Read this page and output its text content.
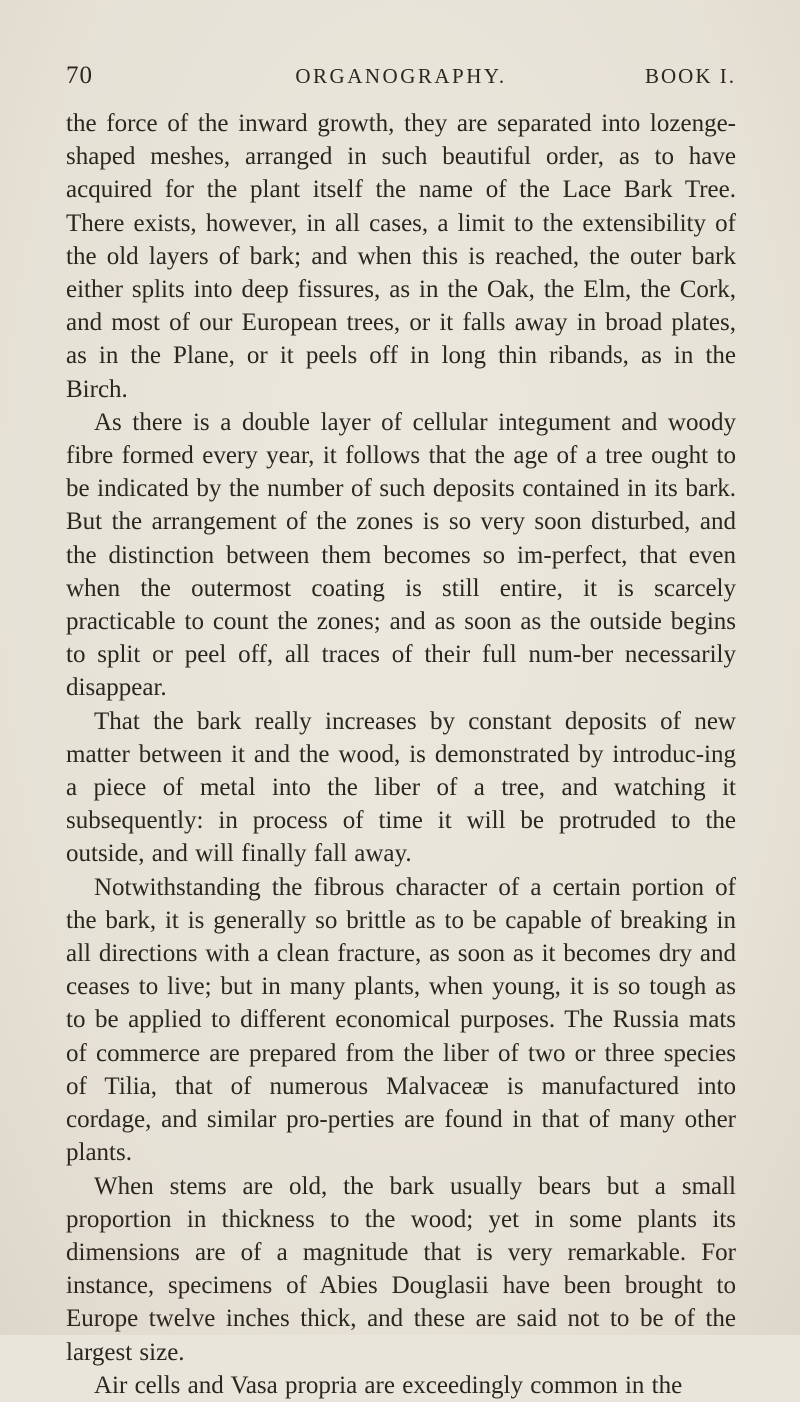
70	ORGANOGRAPHY.	BOOK I.

the force of the inward growth, they are separated into lozenge-shaped meshes, arranged in such beautiful order, as to have acquired for the plant itself the name of the Lace Bark Tree. There exists, however, in all cases, a limit to the extensibility of the old layers of bark; and when this is reached, the outer bark either splits into deep fissures, as in the Oak, the Elm, the Cork, and most of our European trees, or it falls away in broad plates, as in the Plane, or it peels off in long thin ribands, as in the Birch.

As there is a double layer of cellular integument and woody fibre formed every year, it follows that the age of a tree ought to be indicated by the number of such deposits contained in its bark. But the arrangement of the zones is so very soon disturbed, and the distinction between them becomes so im-perfect, that even when the outermost coating is still entire, it is scarcely practicable to count the zones; and as soon as the outside begins to split or peel off, all traces of their full num-ber necessarily disappear.

That the bark really increases by constant deposits of new matter between it and the wood, is demonstrated by introduc-ing a piece of metal into the liber of a tree, and watching it subsequently: in process of time it will be protruded to the outside, and will finally fall away.

Notwithstanding the fibrous character of a certain portion of the bark, it is generally so brittle as to be capable of breaking in all directions with a clean fracture, as soon as it becomes dry and ceases to live; but in many plants, when young, it is so tough as to be applied to different economical purposes. The Russia mats of commerce are prepared from the liber of two or three species of Tilia, that of numerous Malvaceæ is manufactured into cordage, and similar pro-perties are found in that of many other plants.

When stems are old, the bark usually bears but a small proportion in thickness to the wood; yet in some plants its dimensions are of a magnitude that is very remarkable. For instance, specimens of Abies Douglasii have been brought to Europe twelve inches thick, and these are said not to be of the largest size.

Air cells and Vasa propria are exceedingly common in the
